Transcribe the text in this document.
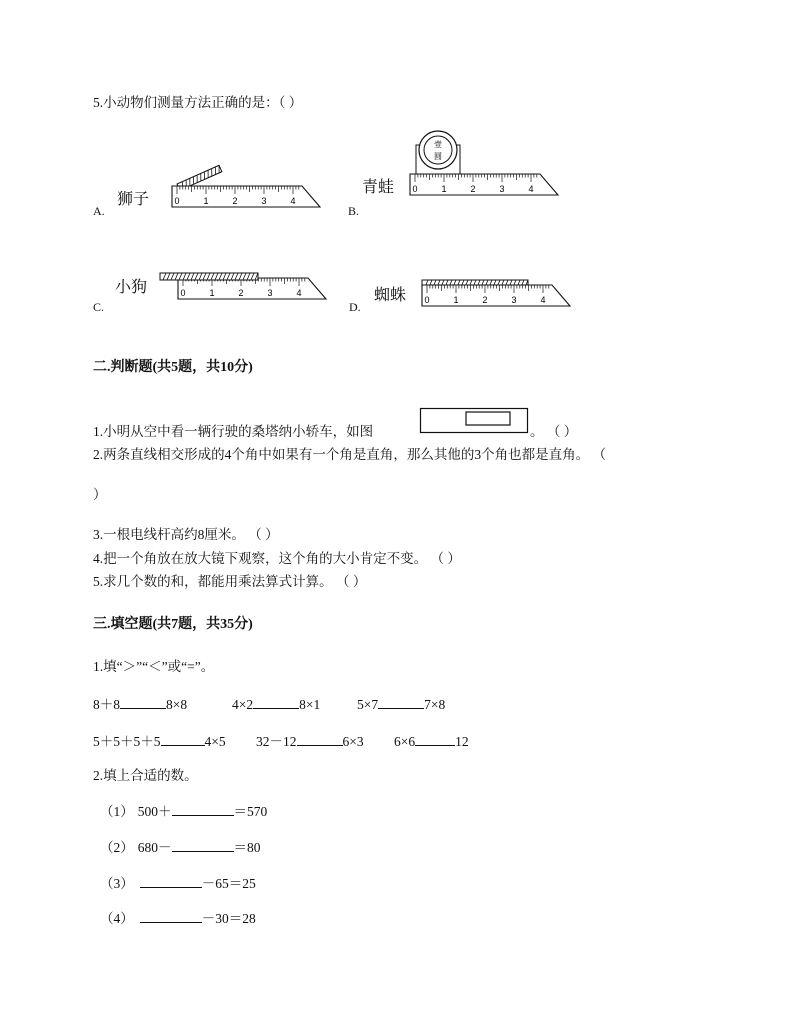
5.小动物们测量方法正确的是：（ ）
狮子
A.
0	1	2	3	4
青蛙
B.
壹
圆
0	1	2	3	4
小狗
C.
0	1	2	3	4	蜘蛛
D.	0	1	2	3	4
二.判断题(共5题，共10分)
1.小明从空中看一辆行驶的桑塔纳小轿车，如图	。 （ ）
2.两条直线相交形成的4个角中如果有一个角是直角，那么其他的3个角也都是直角。 （
）
3.一根电线杆高约8厘米。 （ ）
4.把一个角放在放大镜下观察，这个角的大小肯定不变。 （ ）
5.求几个数的和，都能用乘法算式计算。 （ ）
三.填空题(共7题，共35分)
1.填“＞”“＜”或“=”。
8＋8	8×8	4×2	8×1	5×7	7×8
5＋5＋5＋5	4×5 32－12	6×3 6×6	12
2.填上合适的数。
（1） 500＋	＝570
（2） 680－	＝80
（3）	－65＝25
（4）	－30＝28
